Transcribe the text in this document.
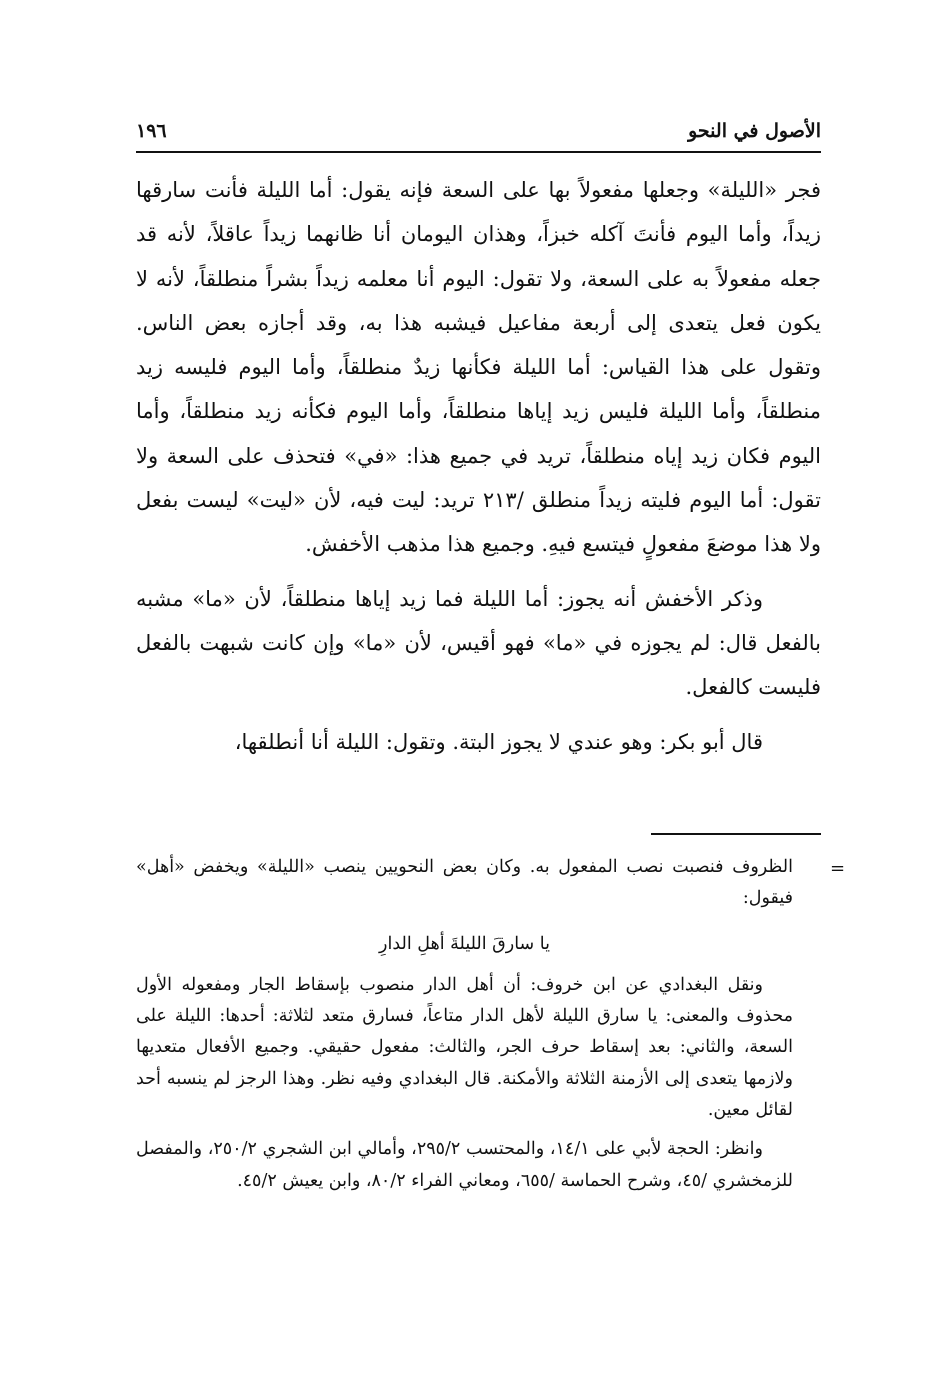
الأصول في النحو
١٩٦

فجر «الليلة» وجعلها مفعولاً بها على السعة فإنه يقول: أما الليلة فأنت سارقها زيداً، وأما اليوم فأنتَ آكله خبزاً، وهذان اليومان أنا ظانهما زيداً عاقلاً، لأنه قد جعله مفعولاً به على السعة، ولا تقول: اليوم أنا معلمه زيداً بشراً منطلقاً، لأنه لا يكون فعل يتعدى إلى أربعة مفاعيل فيشبه هذا به، وقد أجازه بعض الناس. وتقول على هذا القياس: أما الليلة فكأنها زيدٌ منطلقاً، وأما اليوم فليسه زيد منطلقاً، وأما الليلة فليس زيد إياها منطلقاً، وأما اليوم فكأنه زيد منطلقاً، وأما اليوم فكان زيد إياه منطلقاً، تريد في جميع هذا: «في» فتحذف على السعة ولا تقول: أما اليوم فليته زيداً منطلق /٢١٣ تريد: ليت فيه، لأن «ليت» ليست بفعل ولا هذا موضعَ مفعولٍ فيتسع فيهِ. وجميع هذا مذهب الأخفش.

وذكر الأخفش أنه يجوز: أما الليلة فما زيد إياها منطلقاً، لأن «ما» مشبه بالفعل قال: لم يجوزه في «ما» فهو أقيس، لأن «ما» وإن كانت شبهت بالفعل فليست كالفعل.

قال أبو بكر: وهو عندي لا يجوز البتة. وتقول: الليلة أنا أنطلقها،

=

الظروف فنصبت نصب المفعول به. وكان بعض النحويين ينصب «الليلة» ويخفض «أهل» فيقول:

يا سارقَ الليلةَ أهلِ الدارِ

ونقل البغدادي عن ابن خروف: أن أهل الدار منصوب بإسقاط الجار ومفعوله الأول محذوف والمعنى: يا سارق الليلة لأهل الدار متاعاً، فسارق متعد لثلاثة: أحدها: الليلة على السعة، والثاني: بعد إسقاط حرف الجر، والثالث: مفعول حقيقي. وجميع الأفعال متعديها ولازمها يتعدى إلى الأزمنة الثلاثة والأمكنة. قال البغدادي وفيه نظر. وهذا الرجز لم ينسبه أحد لقائل معين.

وانظر: الحجة لأبي على ١٤/١، والمحتسب ٢٩٥/٢، وأمالي ابن الشجري ٢٥٠/٢، والمفصل للزمخشري /٤٥، وشرح الحماسة /٦٥٥، ومعاني الفراء ٨٠/٢، وابن يعيش ٤٥/٢.
